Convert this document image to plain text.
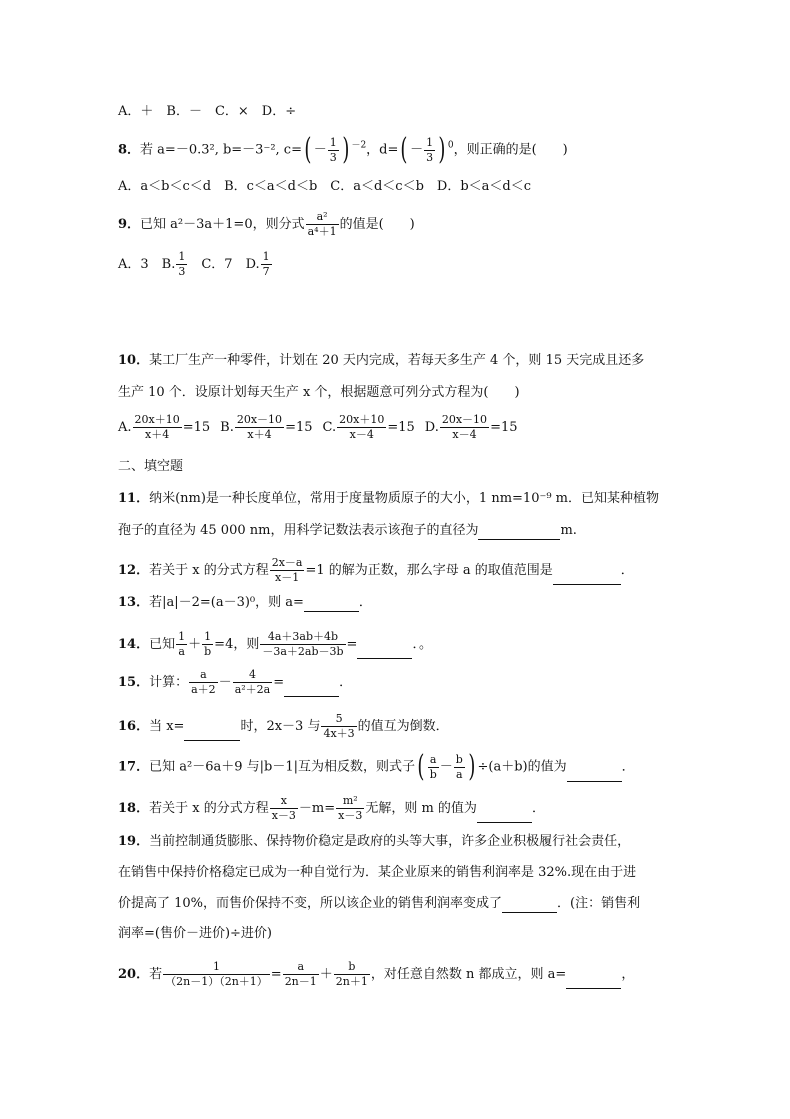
A．＋　B．－　C．×　D．÷
8．若 a=－0.3², b=－3⁻², $c=( - \frac{1}{3}$ ) $^{-2}$，$d=( - \frac{1}{3}$ ) $^0$，则正确的是(　　)
A．a＜b＜c＜d　B．c＜a＜d＜b　C．a＜d＜c＜b　D．b＜a＜d＜c
9．已知 a²－3a＋1=0，则分式 $\frac{\text{a²}}{\text{a⁴＋1}}$ 的值是(　　)
A．3　B. $\frac{1}{3}$ 　C．7　D. $\frac{1}{7}$
10．某工厂生产一种零件，计划在 20 天内完成，若每天多生产 4 个，则 15 天完成且还多
生产 10 个．设原计划每天生产 x 个，根据题意可列分式方程为(　　)
A. $\frac{20x+10}{x+4} =15$ B. $\frac{20x-10}{x+4} =15$ C. $\frac{20x+10}{x-4} =15$ D. $\frac{20x-10}{x-4} =15$
二、填空题
11．纳米(nm)是一种长度单位，常用于度量物质原子的大小，1 nm=10⁻⁹ m．已知某种植物
孢子的直径为 45 000 nm，用科学记数法表示该孢子的直径为	m.
12．若关于 x 的分式方程 $\frac{2x-a}{x-1} =1$ 的解为正数，那么字母 a 的取值范围是	．
13．若|a|－2=(a－3)⁰，则 a=	．
14．已知 $\frac{1}{a} + \frac{1}{b} =4$，则 $\frac{4a+3ab+4b}{-3a+2ab-3b}$ =	．。
15．计算： $\frac{a}{a+2} - \frac{4}{\text{a²＋2a}}$ =	．
16．当 x=	时，2x－3 与 $\frac{5}{4x+3}$ 的值互为倒数．
17．已知 a²－6a＋9 与|b－1|互为相反数，则式子( $\frac{a}{b} - \frac{b}{a}$ ) ÷(a＋b)的值为	．
18．若关于 x 的分式方程 $\frac{x}{x-3} -m= \frac{\text{m²}}{x-3}$ 无解，则 m 的值为	．
19．当前控制通货膨胀、保持物价稳定是政府的头等大事，许多企业积极履行社会责任，
在销售中保持价格稳定已成为一种自觉行为．某企业原来的销售利润率是 32%.现在由于进
价提高了 10%，而售价保持不变，所以该企业的销售利润率变成了	．(注：销售利
润率=(售价－进价)÷进价)
20．若 $\frac{1}{(2n-1)(2n+1)} = \frac{a}{2n-1} + \frac{b}{2n+1}$ ，对任意自然数 n 都成立，则 a=	，
